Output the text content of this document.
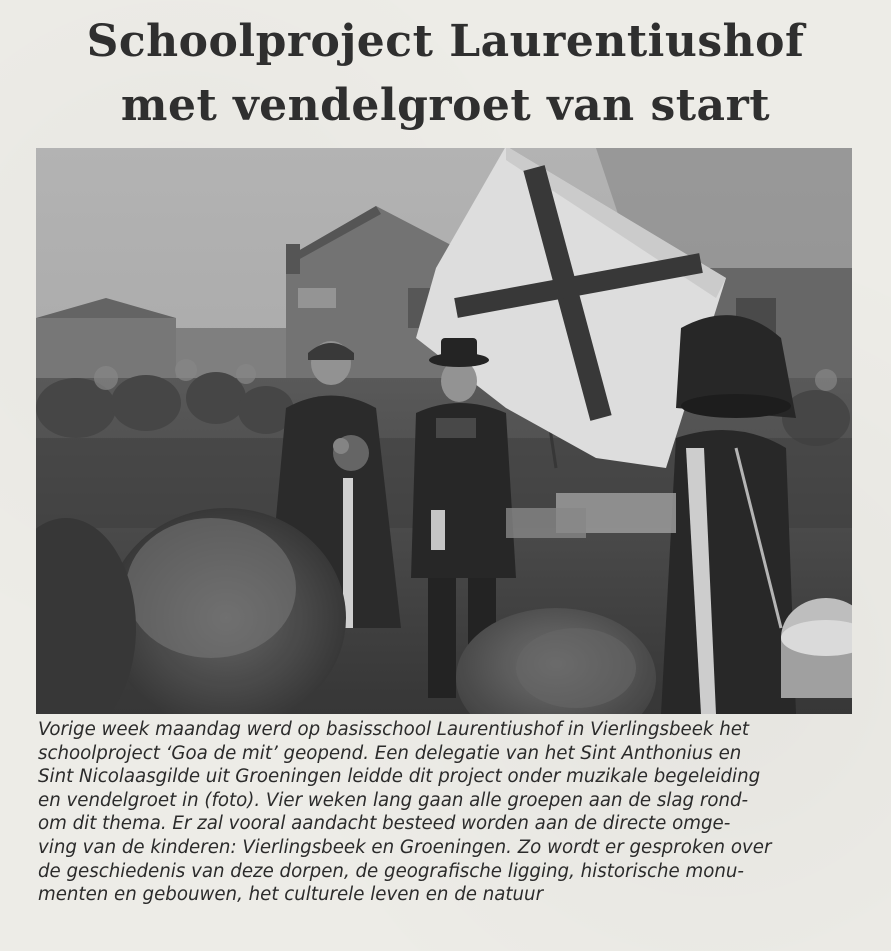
Schoolproject Laurentiushof
met vendelgroet van start

Vorige week maandag werd op basisschool Laurentiushof in Vierlingsbeek het
schoolproject ‘Goa de mit’ geopend. Een delegatie van het Sint Anthonius en
Sint Nicolaasgilde uit Groeningen leidde dit project onder muzikale begeleiding
en vendelgroet in (foto). Vier weken lang gaan alle groepen aan de slag rond-
om dit thema. Er zal vooral aandacht besteed worden aan de directe omge-
ving van de kinderen: Vierlingsbeek en Groeningen. Zo wordt er gesproken over
de geschiedenis van deze dorpen, de geografische ligging, historische monu-
menten en gebouwen, het culturele leven en de natuur
